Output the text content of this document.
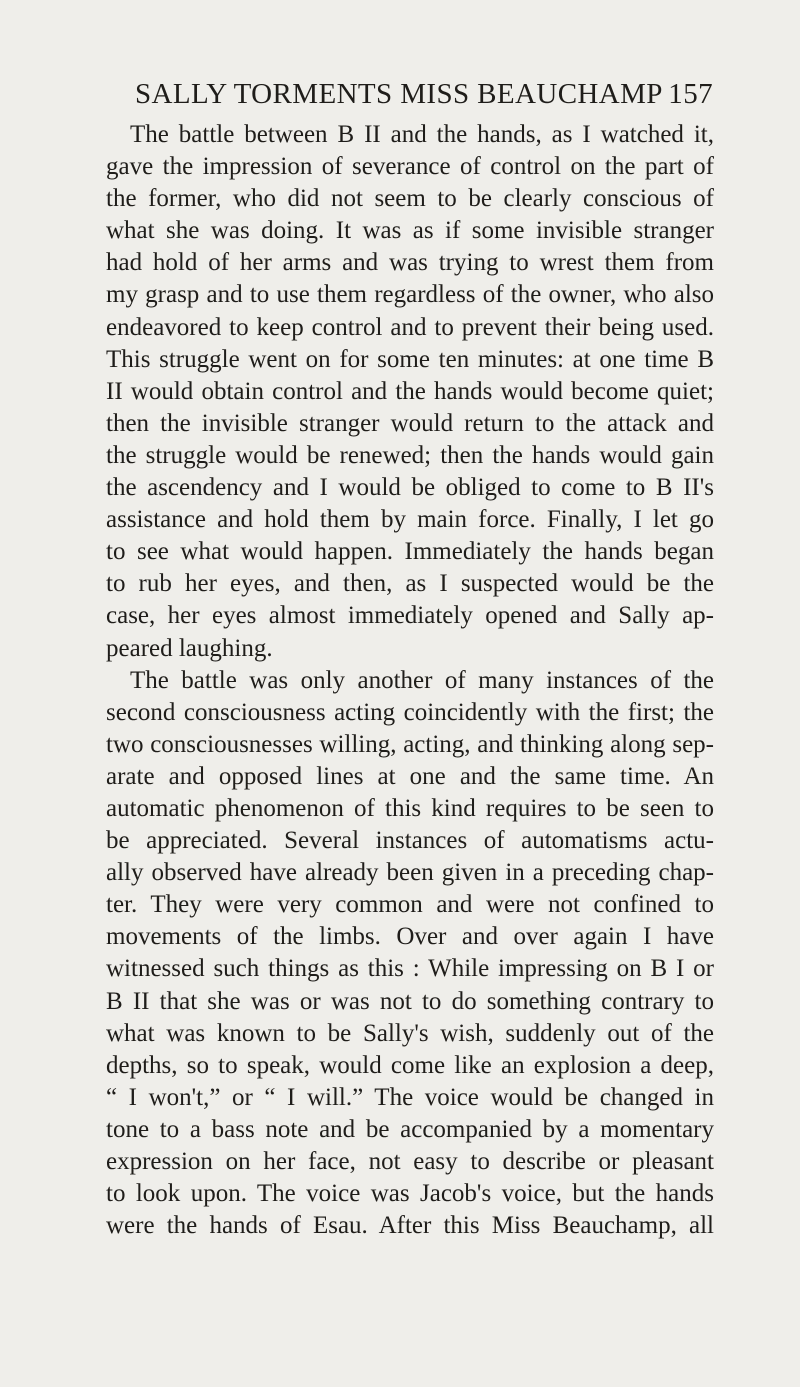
SALLY TORMENTS MISS BEAUCHAMP 157
The battle between B II and the hands, as I watched it,
gave the impression of severance of control on the part of
the former, who did not seem to be clearly conscious of
what she was doing. It was as if some invisible stranger
had hold of her arms and was trying to wrest them from
my grasp and to use them regardless of the owner, who also
endeavored to keep control and to prevent their being used.
This struggle went on for some ten minutes: at one time B
II would obtain control and the hands would become quiet;
then the invisible stranger would return to the attack and
the struggle would be renewed; then the hands would gain
the ascendency and I would be obliged to come to B II's
assistance and hold them by main force. Finally, I let go
to see what would happen. Immediately the hands began
to rub her eyes, and then, as I suspected would be the
case, her eyes almost immediately opened and Sally ap-
peared laughing.
The battle was only another of many instances of the
second consciousness acting coincidently with the first; the
two consciousnesses willing, acting, and thinking along sep-
arate and opposed lines at one and the same time. An
automatic phenomenon of this kind requires to be seen to
be appreciated. Several instances of automatisms actu-
ally observed have already been given in a preceding chap-
ter. They were very common and were not confined to
movements of the limbs. Over and over again I have
witnessed such things as this : While impressing on B I or
B II that she was or was not to do something contrary to
what was known to be Sally's wish, suddenly out of the
depths, so to speak, would come like an explosion a deep,
“ I won't,” or “ I will.” The voice would be changed in
tone to a bass note and be accompanied by a momentary
expression on her face, not easy to describe or pleasant
to look upon. The voice was Jacob's voice, but the hands
were the hands of Esau. After this Miss Beauchamp, all
